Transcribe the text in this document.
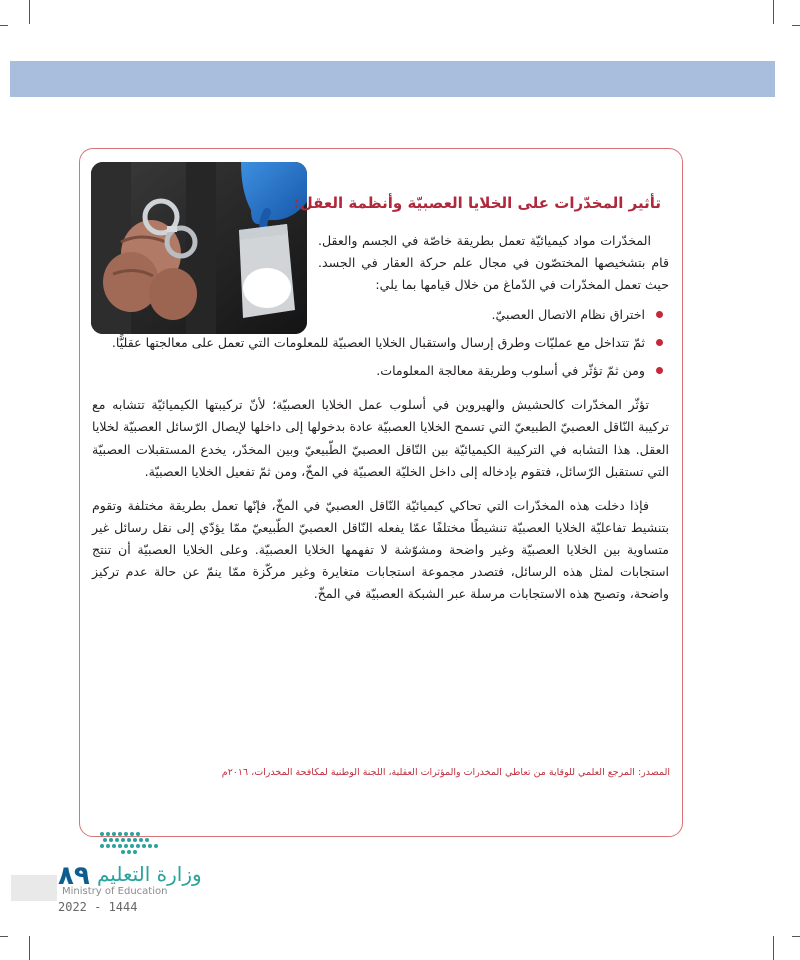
تأثير المخدّرات على الخلايا العصبيّة وأنظمة العقل:

المخدّرات مواد كيميائيّة تعمل بطريقة خاصّة في الجسم والعقل. قام بتشخيصها المختصّون في مجال علم حركة العقار في الجسد. حيث تعمل المخدّرات في الدّماغ من خلال قيامها بما يلي:

اختراق نظام الاتصال العصبيّ.
ثمّ تتداخل مع عمليّات وطرق إرسال واستقبال الخلايا العصبيّة للمعلومات التي تعمل على معالجتها عقليًّا.
ومن ثمّ تؤثّر في أسلوب وطريقة معالجة المعلومات.

تؤثّر المخدّرات كالحشيش والهيروين في أسلوب عمل الخلايا العصبيّة؛ لأنّ تركيبتها الكيميائيّة تتشابه مع تركيبة النّاقل العصبيّ الطبيعيّ التي تسمح الخلايا العصبيّة عادة بدخولها إلى داخلها لإيصال الرّسائل العصبيّة لخلايا العقل. هذا التشابه في التركيبة الكيميائيّة بين النّاقل العصبيّ الطّبيعيّ وبين المخدّر، يخدع المستقبلات العصبيّة التي تستقبل الرّسائل، فتقوم بإدخاله إلى داخل الخليّة العصبيّة في المخّ، ومن ثمّ تفعيل الخلايا العصبيّة.

فإذا دخلت هذه المخدّرات التي تحاكي كيميائيّة النّاقل العصبيّ في المخّ، فإنّها تعمل بطريقة مختلفة وتقوم بتنشيط تفاعليّة الخلايا العصبيّة تنشيطًا مختلفًا عمّا يفعله النّاقل العصبيّ الطّبيعيّ ممّا يؤدّي إلى نقل رسائل غير متساوية بين الخلايا العصبيّة وغير واضحة ومشوّشة لا تفهمها الخلايا العصبيّة. وعلى الخلايا العصبيّة أن تنتج استجابات لمثل هذه الرسائل، فتصدر مجموعة استجابات متغايرة وغير مركّزة ممّا ينمّ عن حالة عدم تركيز واضحة، وتصبح هذه الاستجابات مرسلة عبر الشبكة العصبيّة في المخّ.

المصدر: المرجع العلمي للوقاية من تعاطي المخدرات والمؤثرات العقلية، اللجنة الوطنية لمكافحة المخدرات، ٢٠١٦م
وزارة التعليم
٨٩
Ministry of Education
2022 - 1444
